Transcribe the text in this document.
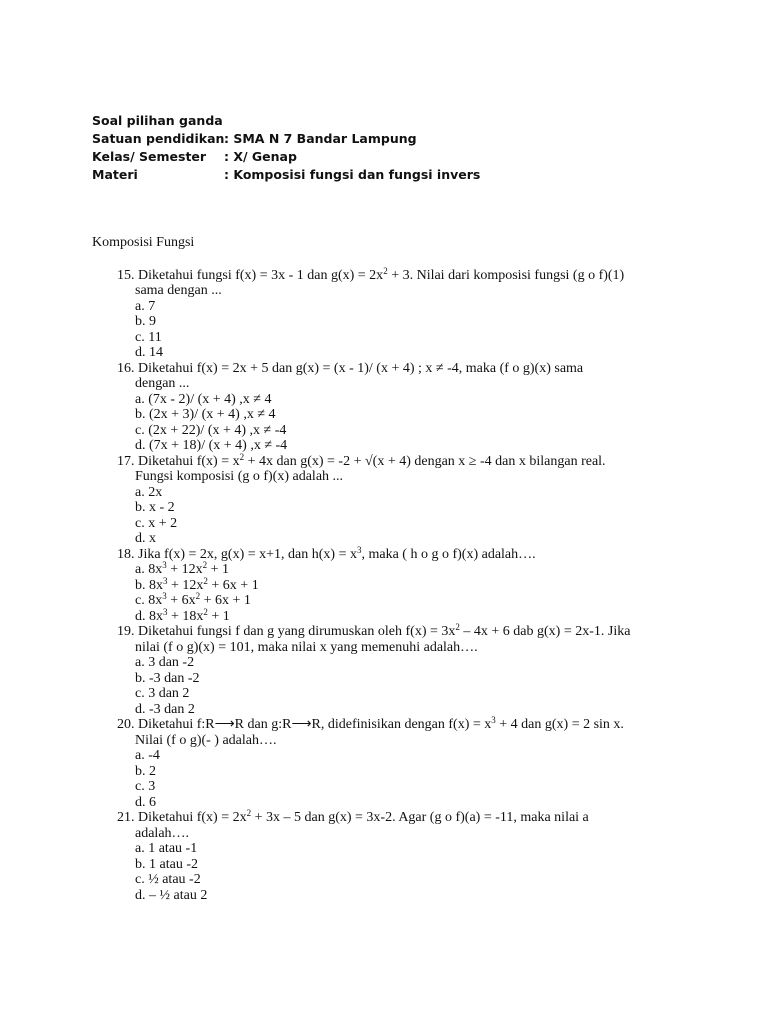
Soal pilihan ganda
Satuan pendidikan : SMA N 7 Bandar Lampung
Kelas/ Semester	: X/ Genap
Materi	: Komposisi fungsi dan fungsi invers
Komposisi Fungsi
15. Diketahui fungsi f(x) = 3x - 1 dan $g(x) = 2x^2 + 3$. Nilai dari komposisi fungsi (g o f)(1)
sama dengan ...
a. 7
b. 9
c. 11
d. 14
16. Diketahui f(x) = 2x + 5 dan g(x) = (x - 1)/ (x + 4) ; x ≠ -4, maka (f o g)(x) sama
dengan ...
a. (7x - 2)/ (x + 4) ,x ≠ 4
b. (2x + 3)/ (x + 4) ,x ≠ 4
c. (2x + 22)/ (x + 4) ,x ≠ -4
d. (7x + 18)/ (x + 4) ,x ≠ -4
17. Diketahui $f(x) = x^2 + 4x$ dan g(x) = -2 + √(x + 4) dengan x ≥ -4 dan x bilangan real.
Fungsi komposisi (g o f)(x) adalah ...
a. 2x
b. x - 2
c. x + 2
d. x
18. Jika f(x) = 2x, g(x) = x+1, dan $h(x) = x^3$, maka ( h o g o f)(x) adalah….
a. $8x^3 + 12x^2 + 1$
b. $8x^3 + 12x^2 + 6x + 1$
c. $8x^3 + 6x^2 + 6x + 1$
d. $8x^3 + 18x^2 + 1$
19. Diketahui fungsi f dan g yang dirumuskan oleh $f(x) = 3x^2 - 4x + 6$ dab g(x) = 2x-1. Jika
nilai (f o g)(x) = 101, maka nilai x yang memenuhi adalah….
a. 3 dan -2
b. -3 dan -2
c. 3 dan 2
d. -3 dan 2
20. Diketahui f:R⟶R dan g:R⟶R, didefinisikan dengan $f(x) = x^3 + 4$ dan g(x) = 2 sin x.
Nilai (f o g)(- ) adalah….
a. -4
b. 2
c. 3
d. 6
21. Diketahui $f(x) = 2x^2 + 3x - 5$ dan g(x) = 3x-2. Agar (g o f)(a) = -11, maka nilai a
adalah….
a. 1 atau -1
b. 1 atau -2
c. ½ atau -2
d. – ½ atau 2
